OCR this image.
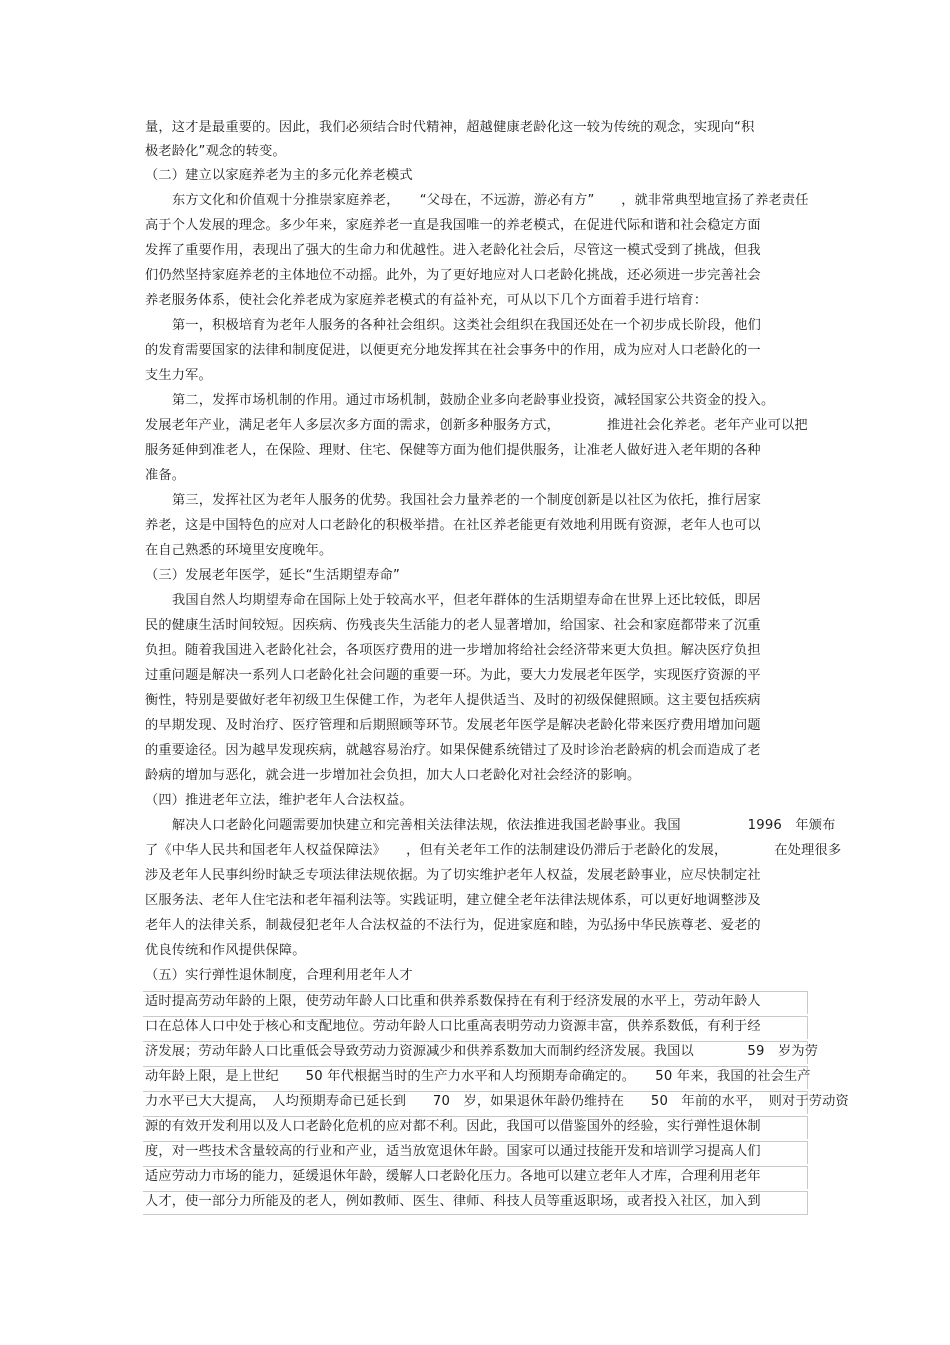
量，这才是最重要的。因此，我们必须结合时代精神，超越健康老龄化这一较为传统的观念，实现向“积
极老龄化”观念的转变。
（二）建立以家庭养老为主的多元化养老模式
东方文化和价值观十分推崇家庭养老，　　“父母在，不远游，游必有方”　　，就非常典型地宣扬了养老责任
高于个人发展的理念。多少年来，家庭养老一直是我国唯一的养老模式，在促进代际和谐和社会稳定方面
发挥了重要作用，表现出了强大的生命力和优越性。进入老龄化社会后，尽管这一模式受到了挑战，但我
们仍然坚持家庭养老的主体地位不动摇。此外，为了更好地应对人口老龄化挑战，还必须进一步完善社会
养老服务体系，使社会化养老成为家庭养老模式的有益补充，可从以下几个方面着手进行培育：
第一，积极培育为老年人服务的各种社会组织。这类社会组织在我国还处在一个初步成长阶段，他们
的发育需要国家的法律和制度促进，以便更充分地发挥其在社会事务中的作用，成为应对人口老龄化的一
支生力军。
第二，发挥市场机制的作用。通过市场机制，鼓励企业多向老龄事业投资，减轻国家公共资金的投入。
发展老年产业，满足老年人多层次多方面的需求，创新多种服务方式，　　　　推进社会化养老。老年产业可以把
服务延伸到准老人，在保险、理财、住宅、保健等方面为他们提供服务，让准老人做好进入老年期的各种
准备。
第三，发挥社区为老年人服务的优势。我国社会力量养老的一个制度创新是以社区为依托，推行居家
养老，这是中国特色的应对人口老龄化的积极举措。在社区养老能更有效地利用既有资源，老年人也可以
在自己熟悉的环境里安度晚年。
（三）发展老年医学，延长“生活期望寿命”
我国自然人均期望寿命在国际上处于较高水平，但老年群体的生活期望寿命在世界上还比较低，即居
民的健康生活时间较短。因疾病、伤残丧失生活能力的老人显著增加，给国家、社会和家庭都带来了沉重
负担。随着我国进入老龄化社会，各项医疗费用的进一步增加将给社会经济带来更大负担。解决医疗负担
过重问题是解决一系列人口老龄化社会问题的重要一环。为此，要大力发展老年医学，实现医疗资源的平
衡性，特别是要做好老年初级卫生保健工作，为老年人提供适当、及时的初级保健照顾。这主要包括疾病
的早期发现、及时治疗、医疗管理和后期照顾等环节。发展老年医学是解决老龄化带来医疗费用增加问题
的重要途径。因为越早发现疾病，就越容易治疗。如果保健系统错过了及时诊治老龄病的机会而造成了老
龄病的增加与恶化，就会进一步增加社会负担，加大人口老龄化对社会经济的影响。
（四）推进老年立法，维护老年人合法权益。
解决人口老龄化问题需要加快建立和完善相关法律法规，依法推进我国老龄事业。我国　　　　　1996　年颁布
了《中华人民共和国老年人权益保障法》　　，但有关老年工作的法制建设仍滞后于老龄化的发展，　　　　在处理很多
涉及老年人民事纠纷时缺乏专项法律法规依据。为了切实维护老年人权益，发展老龄事业，应尽快制定社
区服务法、老年人住宅法和老年福利法等。实践证明，建立健全老年法律法规体系，可以更好地调整涉及
老年人的法律关系，制裁侵犯老年人合法权益的不法行为，促进家庭和睦，为弘扬中华民族尊老、爱老的
优良传统和作风提供保障。
（五）实行弹性退休制度，合理利用老年人才
适时提高劳动年龄的上限，使劳动年龄人口比重和供养系数保持在有利于经济发展的水平上，劳动年龄人
口在总体人口中处于核心和支配地位。劳动年龄人口比重高表明劳动力资源丰富，供养系数低，有利于经
济发展；劳动年龄人口比重低会导致劳动力资源减少和供养系数加大而制约经济发展。我国以　　　　59　岁为劳
动年龄上限，是上世纪　　50 年代根据当时的生产力水平和人均预期寿命确定的。　　50 年来，我国的社会生产
力水平已大大提高，　人均预期寿命已延长到　　70　岁，如果退休年龄仍维持在　　50　年前的水平，　则对于劳动资
源的有效开发利用以及人口老龄化危机的应对都不利。因此，我国可以借鉴国外的经验，实行弹性退休制
度，对一些技术含量较高的行业和产业，适当放宽退休年龄。国家可以通过技能开发和培训学习提高人们
适应劳动力市场的能力，延缓退休年龄，缓解人口老龄化压力。各地可以建立老年人才库，合理利用老年
人才，使一部分力所能及的老人，例如教师、医生、律师、科技人员等重返职场，或者投入社区，加入到
